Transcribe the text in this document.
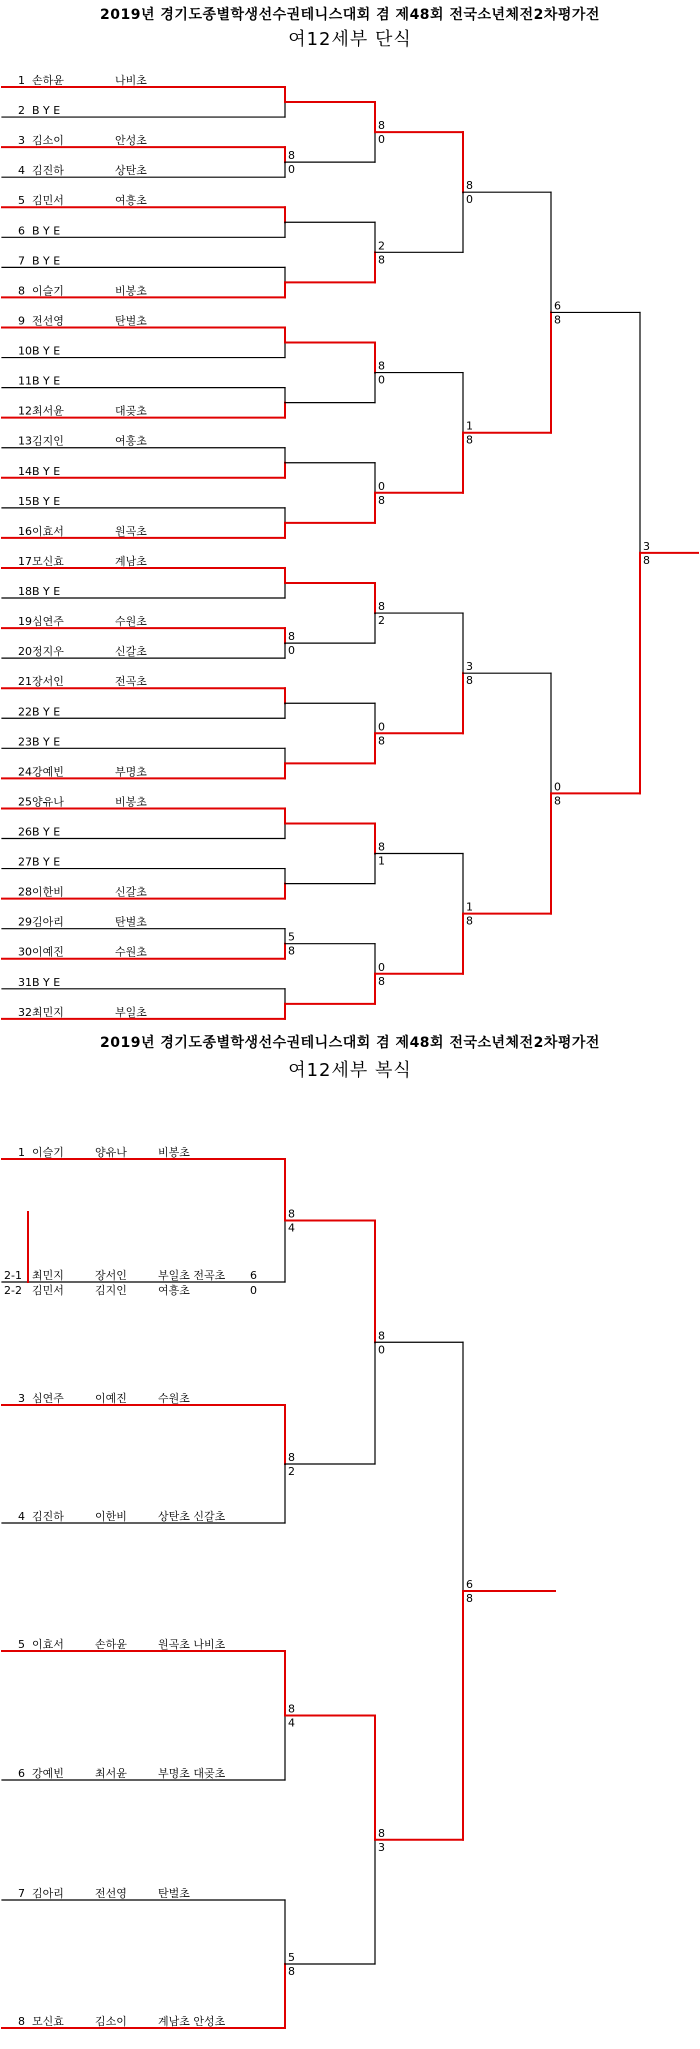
2019년 경기도종별학생선수권테니스대회 겸 제48회 전국소년체전2차평가전
여12세부 단식
1 손하윤	나비초
2 B Y E
3 김소이	안성초
4 김진하	상탄초
5 김민서	여흥초
6 B Y E
7 B Y E
8 이슬기	비봉초
9 전선영	탄벌초
10 B Y E
11 B Y E
12 최서윤	대곶초
13 김지인	여흥초
14 B Y E
15 B Y E
16 이효서	원곡초
17 모신효	계남초
18 B Y E
19 심연주	수원초
20 정지우	신갈초
21 장서인	전곡초
22 B Y E
23 B Y E
24 강예빈	부명초
25 양유나	비봉초
26 B Y E
27 B Y E
28 이한비	신갈초
29 김아리	탄벌초
30 이예진	수원초
31 B Y E
32 최민지	부일초
8
0
8
0
5
8
8
0
2
8
8
0
0
8
8
2
0
8
8
1
0
8
8
0
1
8
3
8
1
8
6
8
0
8
3
8
2019년 경기도종별학생선수권테니스대회 겸 제48회 전국소년체전2차평가전
여12세부 복식
1 이슬기	양유나	비봉초
2-1 최민지	장서인	부일초 전곡초 6
2-2 김민서	김지인	여흥초	0
3 심연주	이예진	수원초
4 김진하	이한비	상탄초 신갈초
5 이효서	손하윤	원곡초 나비초
6 강예빈	최서윤	부명초 대곶초
7 김아리	전선영	탄벌초
8 모신효	김소이	계남초 안성초
8
4
8
2
8
4
5
8
8
0
8
3
6
8
